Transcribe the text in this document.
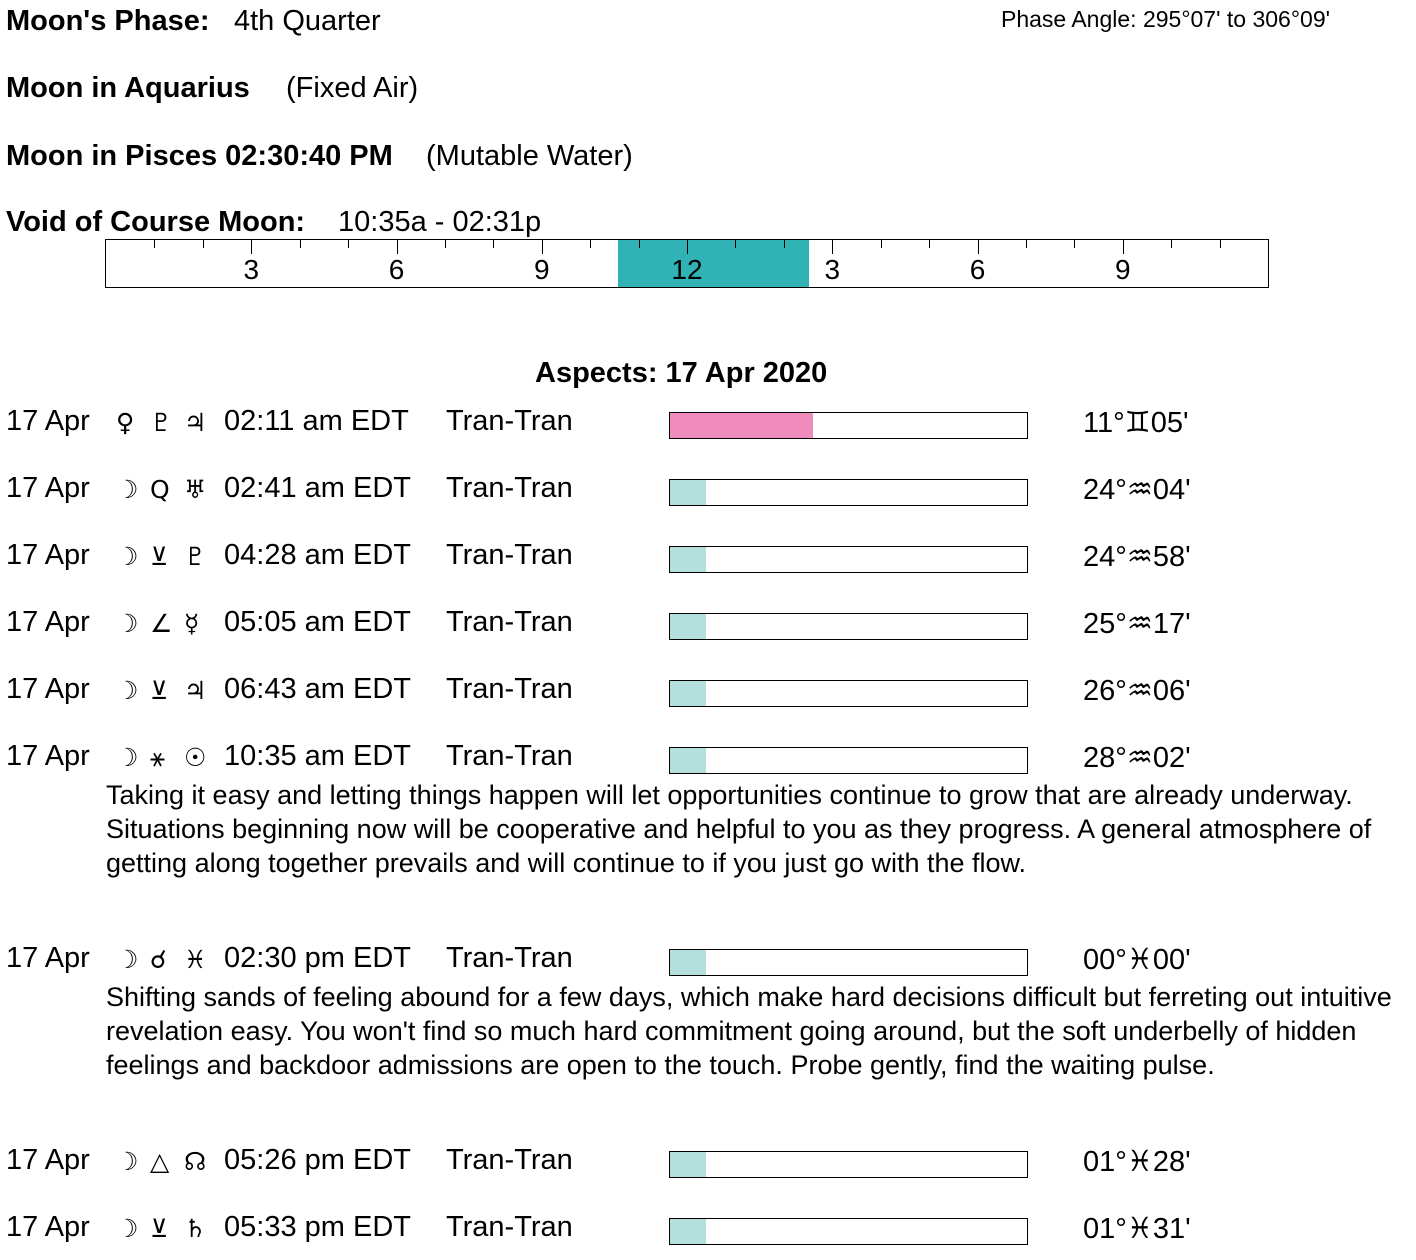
Moon's Phase: 4th Quarter	Phase Angle: 295°07' to 306°09'
Moon in Aquarius (Fixed Air)
Moon in Pisces 02:30:40 PM (Mutable Water)
Void of Course Moon: 10:35a - 02:31p
3	6	9	12	3	6	9
Aspects: 17 Apr 2020
17 Apr ♀ ♇ ♃ 02:11 am EDT Tran-Tran	11°♊05'
17 Apr ☽ Q ♅ 02:41 am EDT Tran-Tran	24°♒04'
17 Apr ☽ ⊻ ♇ 04:28 am EDT Tran-Tran	24°♒58'
17 Apr ☽ ∠ ☿ 05:05 am EDT Tran-Tran	25°♒17'
17 Apr ☽ ⊻ ♃ 06:43 am EDT Tran-Tran	26°♒06'
17 Apr ☽ ⚹ ☉ 10:35 am EDT Tran-Tran	28°♒02'
Taking it easy and letting things happen will let opportunities continue to grow that are already underway. Situations beginning now will be cooperative and helpful to you as they progress. A general atmosphere of getting along together prevails and will continue to if you just go with the flow.
17 Apr ☽ ☌ ♓ 02:30 pm EDT Tran-Tran	00°♓00'
Shifting sands of feeling abound for a few days, which make hard decisions difficult but ferreting out intuitive revelation easy. You won't find so much hard commitment going around, but the soft underbelly of hidden feelings and backdoor admissions are open to the touch. Probe gently, find the waiting pulse.
17 Apr ☽ △ ☊ 05:26 pm EDT Tran-Tran	01°♓28'
17 Apr ☽ ⊻ ♄ 05:33 pm EDT Tran-Tran	01°♓31'
